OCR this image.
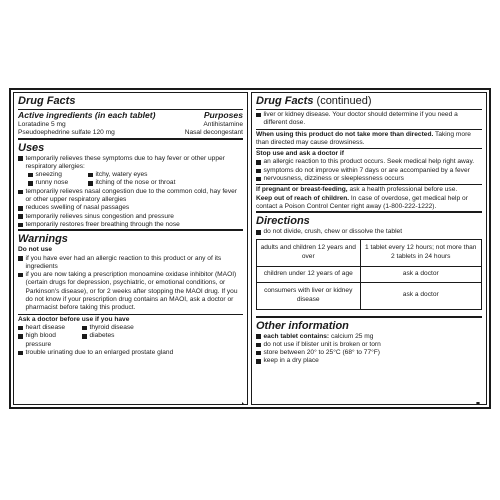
Drug Facts
Active ingredients (in each tablet)	Purposes
Loratadine 5 mg	Antihistamine
Pseudoephedrine sulfate 120 mg	Nasal decongestant
Uses
temporarily relieves these symptoms due to hay fever or other upper respiratory allergies:
sneezing	itchy, watery eyes
runny nose	itching of the nose or throat
temporarily relieves nasal congestion due to the common cold, hay fever or other upper respiratory allergies
reduces swelling of nasal passages
temporarily relieves sinus congestion and pressure
temporarily restores freer breathing through the nose
Warnings
Do not use
if you have ever had an allergic reaction to this product or any of its ingredients
if you are now taking a prescription monoamine oxidase inhibitor (MAOI) (certain drugs for depression, psychiatric, or emotional conditions, or Parkinson's disease), or for 2 weeks after stopping the MAOI drug. If you do not know if your prescription drug contains an MAOI, ask a doctor or pharmacist before taking this product.
Ask a doctor before use if you have
heart disease	thyroid disease
high blood pressure
diabetes
trouble urinating due to an enlarged prostate gland
Drug Facts (continued)
liver or kidney disease. Your doctor should determine if you need a different dose.
When using this product do not take more than directed. Taking more than directed may cause drowsiness.
Stop use and ask a doctor if
an allergic reaction to this product occurs. Seek medical help right away.
symptoms do not improve within 7 days or are accompanied by a fever
nervousness, dizziness or sleeplessness occurs
If pregnant or breast-feeding, ask a health professional before use.
Keep out of reach of children. In case of overdose, get medical help or contact a Poison Control Center right away (1-800-222-1222).
Directions
do not divide, crush, chew or dissolve the tablet
adults and children 12 years and over	1 tablet every 12 hours; not more than 2 tablets in 24 hours
children under 12 years of age	ask a doctor
consumers with liver or kidney disease	ask a doctor
Other information
each tablet contains: calcium 25 mg
do not use if blister unit is broken or torn
store between 20° to 25°C (68° to 77°F)
keep in a dry place
